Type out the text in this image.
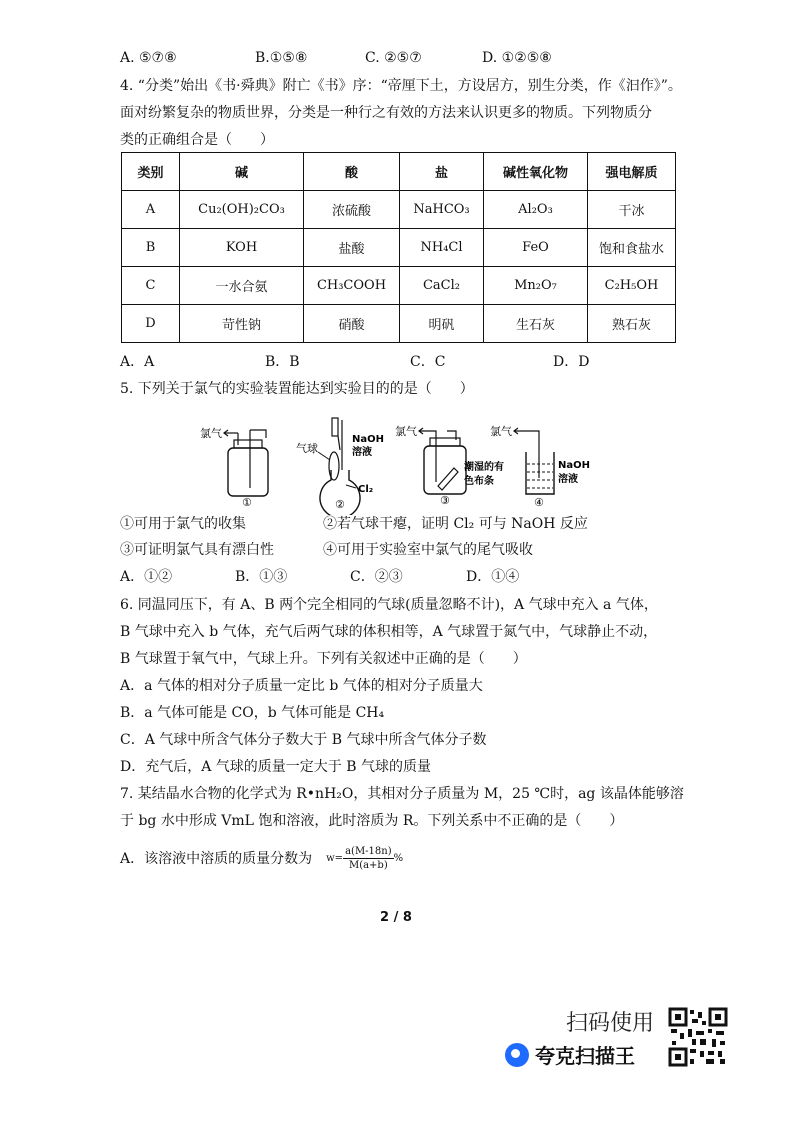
A. ⑤⑦⑧	B.①⑤⑧	C. ②⑤⑦	D. ①②⑤⑧
4. “分类”始出《书·舜典》附亡《书》序：“帝厘下土，方设居方，别生分类，作《汩作》”。
面对纷繁复杂的物质世界，分类是一种行之有效的方法来认识更多的物质。下列物质分
类的正确组合是（　　）
类别	碱	酸	盐	碱性氧化物	强电解质
A	Cu₂(OH)₂CO₃	浓硫酸	NaHCO₃	Al₂O₃	干冰
B	KOH	盐酸	NH₄Cl	FeO	饱和食盐水
C	一水合氨	CH₃COOH	CaCl₂	Mn₂O₇	C₂H₅OH
D	苛性钠	硝酸	明矾	生石灰	熟石灰
A．A	B．B	C．C	D．D
5. 下列关于氯气的实验装置能达到实验目的的是（　　）
氯气
①
气球
NaOH
溶液
Cl₂
②
氯气
潮湿的有
色布条
③
氯气
NaOH
溶液
④
①可用于氯气的收集	②若气球干瘪，证明 Cl₂ 可与 NaOH 反应
③可证明氯气具有漂白性	④可用于实验室中氯气的尾气吸收
A．①②	B．①③	C．②③	D．①④
6. 同温同压下，有 A、B 两个完全相同的气球(质量忽略不计)，A 气球中充入 a 气体，
B 气球中充入 b 气体，充气后两气球的体积相等，A 气球置于氮气中，气球静止不动，
B 气球置于氧气中，气球上升。下列有关叙述中正确的是（　　）
A．a 气体的相对分子质量一定比 b 气体的相对分子质量大
B．a 气体可能是 CO，b 气体可能是 CH₄
C．A 气球中所含气体分子数大于 B 气球中所含气体分子数
D．充气后，A 气球的质量一定大于 B 气球的质量
7. 某结晶水合物的化学式为 R•nH₂O，其相对分子质量为 M，25 ℃时，ag 该晶体能够溶
于 bg 水中形成 VmL 饱和溶液，此时溶质为 R。下列关系中不正确的是（　　）
A．该溶液中溶质的质量分数为 $w= \frac{a(M-18n)}{M(a+b)}$ %
2 / 8
扫码使用
夸克扫描王
